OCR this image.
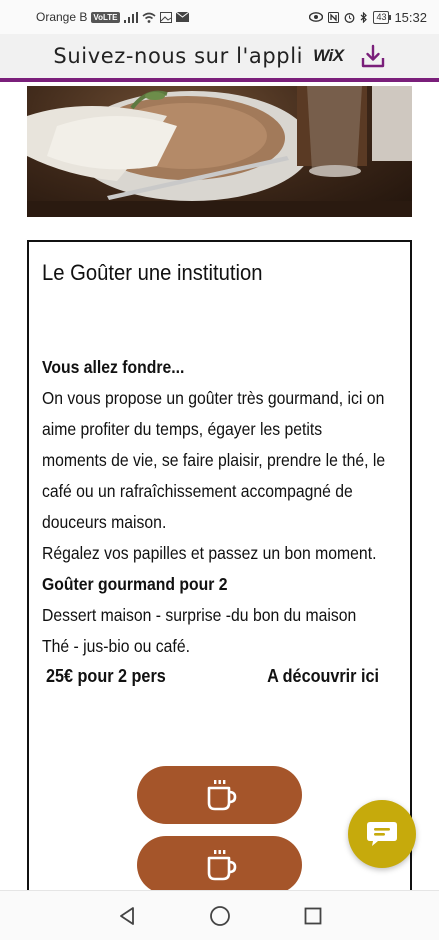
Orange B VoLTE	43 15:32
Suivez-nous sur l'appli WiX
Le Goûter une institution
Vous allez fondre...
On vous propose un goûter très gourmand, ici on
aime profiter du temps, égayer les petits
moments de vie, se faire plaisir, prendre le thé, le
café ou un rafraîchissement accompagné de
douceurs maison.
Régalez vos papilles et passez un bon moment.
Goûter gourmand pour 2
Dessert maison - surprise -du bon du maison
Thé - jus-bio ou café.
25€ pour 2 pers	A découvrir ici
